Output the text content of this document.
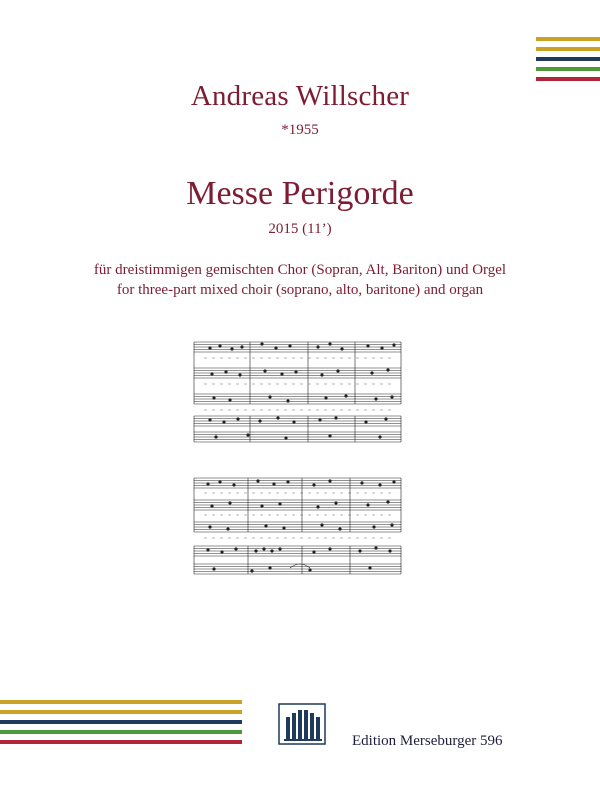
Andreas Willscher
*1955
Messe Perigorde
2015 (11’)
für dreistimmigen gemischten Chor (Sopran, Alt, Bariton) und Orgel
for three-part mixed choir (soprano, alto, baritone) and organ
Edition Merseburger 596
